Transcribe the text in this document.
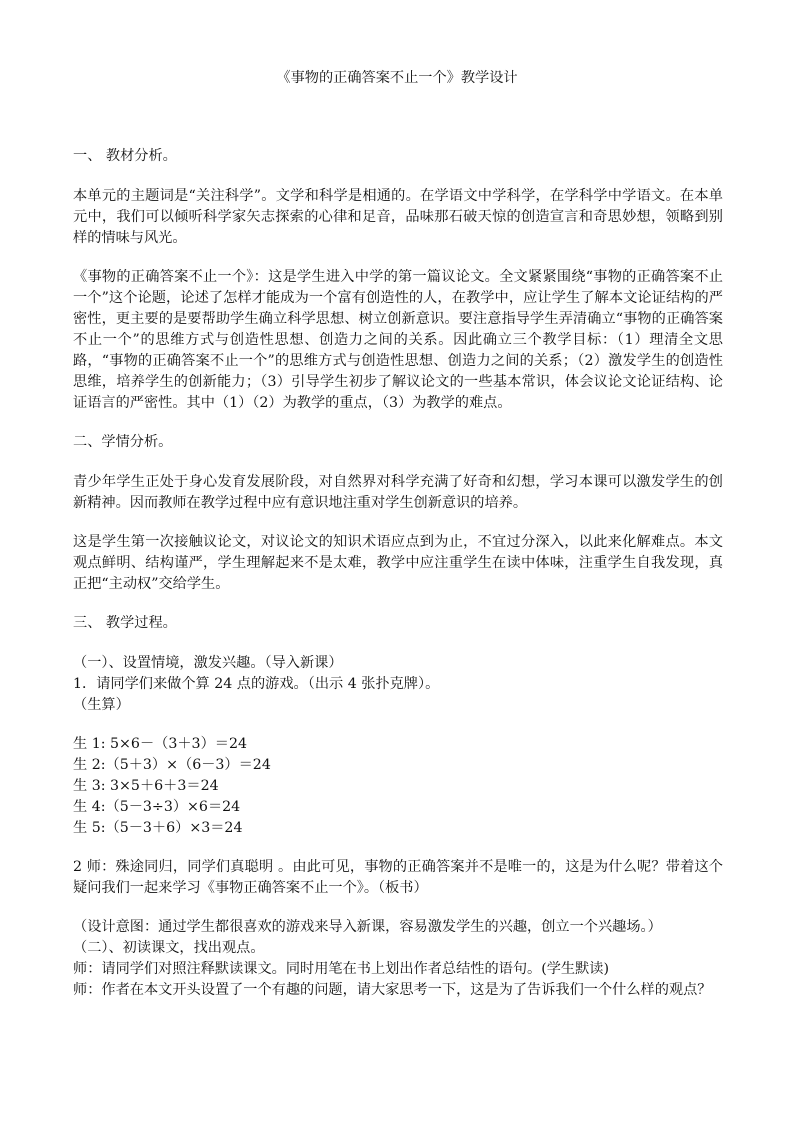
《事物的正确答案不止一个》教学设计

一、 教材分析。

本单元的主题词是“关注科学”。文学和科学是相通的。在学语文中学科学，在学科学中学语文。在本单元中，我们可以倾听科学家矢志探索的心律和足音，品味那石破天惊的创造宣言和奇思妙想，领略到别样的情味与风光。

《事物的正确答案不止一个》：这是学生进入中学的第一篇议论文。全文紧紧围绕“事物的正确答案不止一个”这个论题，论述了怎样才能成为一个富有创造性的人，在教学中，应让学生了解本文论证结构的严密性，更主要的是要帮助学生确立科学思想、树立创新意识。要注意指导学生弄清确立“事物的正确答案不止一个”的思维方式与创造性思想、创造力之间的关系。因此确立三个教学目标：（1）理清全文思路，“事物的正确答案不止一个”的思维方式与创造性思想、创造力之间的关系；（2）激发学生的创造性思维，培养学生的创新能力；（3）引导学生初步了解议论文的一些基本常识，体会议论文论证结构、论证语言的严密性。其中（1）（2）为教学的重点，（3）为教学的难点。

二、学情分析。

青少年学生正处于身心发育发展阶段，对自然界对科学充满了好奇和幻想，学习本课可以激发学生的创新精神。因而教师在教学过程中应有意识地注重对学生创新意识的培养。

这是学生第一次接触议论文，对议论文的知识术语应点到为止，不宜过分深入，以此来化解难点。本文观点鲜明、结构谨严，学生理解起来不是太难，教学中应注重学生在读中体味，注重学生自我发现，真正把“主动权”交给学生。

三、 教学过程。

（一）、设置情境，激发兴趣。（导入新课）

1．请同学们来做个算 24 点的游戏。（出示 4 张扑克牌）。

（生算）

生 1: 5×6－（3＋3）＝24

生 2:（5＋3）×（6－3）＝24

生 3: 3×5＋6＋3＝24

生 4:（5－3÷3）×6＝24

生 5:（5－3＋6）×3＝24

2 师：殊途同归，同学们真聪明 。由此可见，事物的正确答案并不是唯一的，这是为什么呢？带着这个疑问我们一起来学习《事物正确答案不止一个》。（板书）

（设计意图：通过学生都很喜欢的游戏来导入新课，容易激发学生的兴趣，创立一个兴趣场。）

（二）、初读课文，找出观点。

师：请同学们对照注释默读课文。同时用笔在书上划出作者总结性的语句。(学生默读)

师：作者在本文开头设置了一个有趣的问题，请大家思考一下，这是为了告诉我们一个什么样的观点？
